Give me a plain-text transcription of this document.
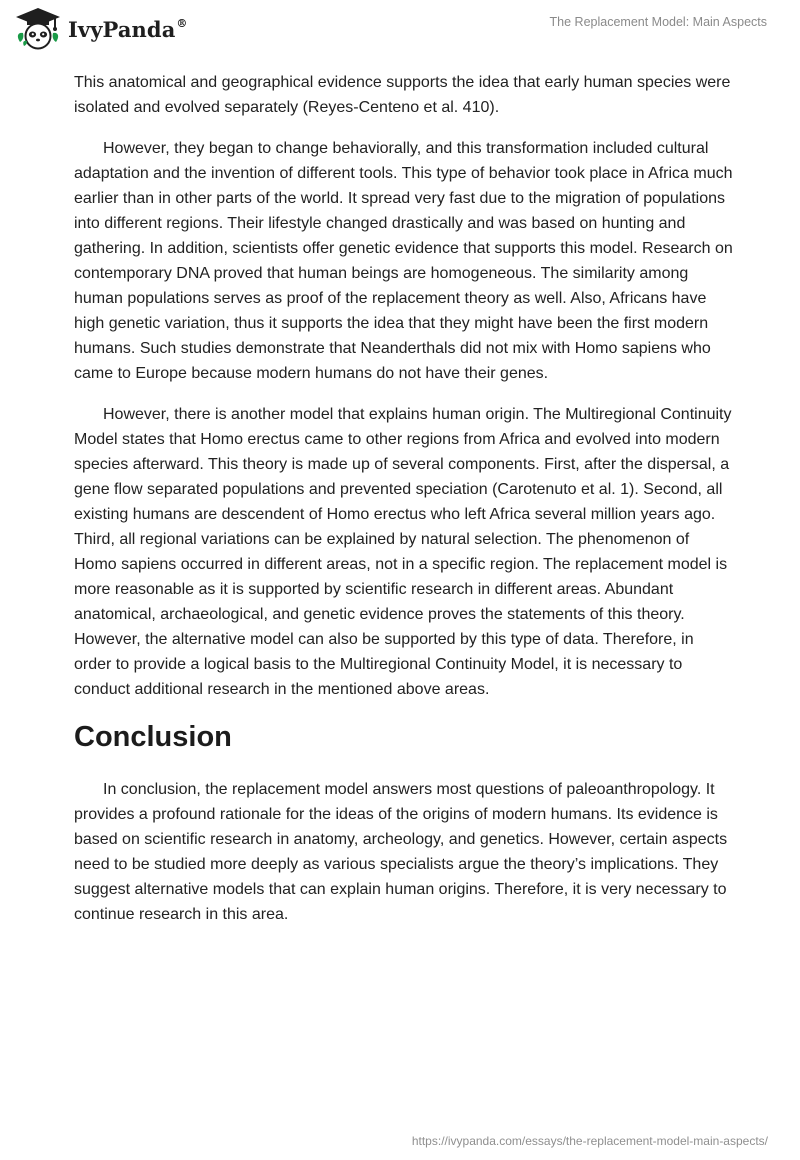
IvyPanda®	The Replacement Model: Main Aspects

This anatomical and geographical evidence supports the idea that early human species were isolated and evolved separately (Reyes-Centeno et al. 410).

However, they began to change behaviorally, and this transformation included cultural adaptation and the invention of different tools. This type of behavior took place in Africa much earlier than in other parts of the world. It spread very fast due to the migration of populations into different regions. Their lifestyle changed drastically and was based on hunting and gathering. In addition, scientists offer genetic evidence that supports this model. Research on contemporary DNA proved that human beings are homogeneous. The similarity among human populations serves as proof of the replacement theory as well. Also, Africans have high genetic variation, thus it supports the idea that they might have been the first modern humans. Such studies demonstrate that Neanderthals did not mix with Homo sapiens who came to Europe because modern humans do not have their genes.

However, there is another model that explains human origin. The Multiregional Continuity Model states that Homo erectus came to other regions from Africa and evolved into modern species afterward. This theory is made up of several components. First, after the dispersal, a gene flow separated populations and prevented speciation (Carotenuto et al. 1). Second, all existing humans are descendent of Homo erectus who left Africa several million years ago. Third, all regional variations can be explained by natural selection. The phenomenon of Homo sapiens occurred in different areas, not in a specific region. The replacement model is more reasonable as it is supported by scientific research in different areas. Abundant anatomical, archaeological, and genetic evidence proves the statements of this theory. However, the alternative model can also be supported by this type of data. Therefore, in order to provide a logical basis to the Multiregional Continuity Model, it is necessary to conduct additional research in the mentioned above areas.

Conclusion

In conclusion, the replacement model answers most questions of paleoanthropology. It provides a profound rationale for the ideas of the origins of modern humans. Its evidence is based on scientific research in anatomy, archeology, and genetics. However, certain aspects need to be studied more deeply as various specialists argue the theory’s implications. They suggest alternative models that can explain human origins. Therefore, it is very necessary to continue research in this area.

https://ivypanda.com/essays/the-replacement-model-main-aspects/
